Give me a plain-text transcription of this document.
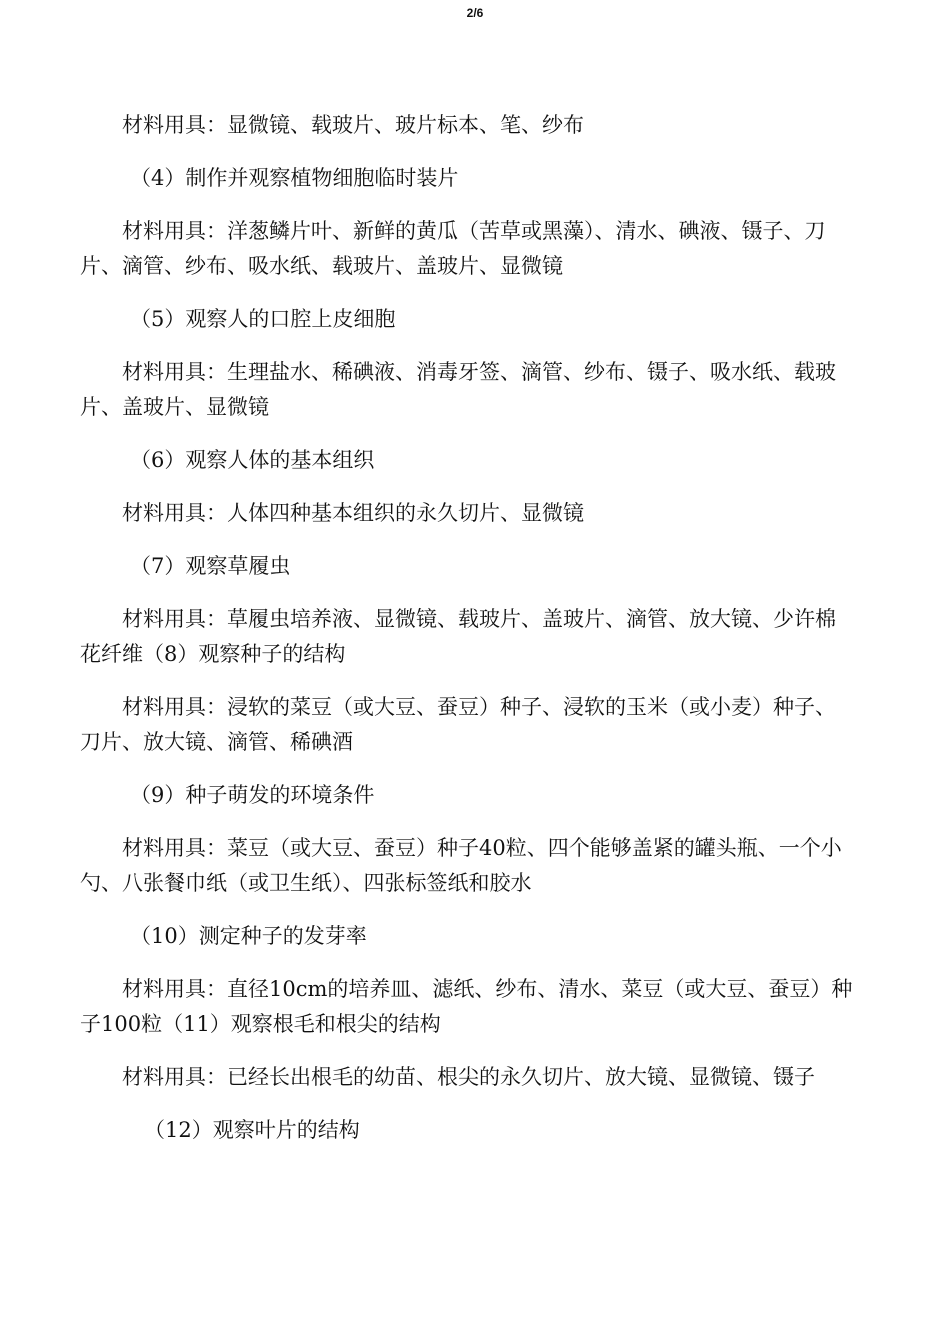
2/6

材料用具：显微镜、载玻片、玻片标本、笔、纱布

（4）制作并观察植物细胞临时装片

材料用具：洋葱鳞片叶、新鲜的黄瓜（苦草或黑藻）、清水、碘液、镊子、刀片、滴管、纱布、吸水纸、载玻片、盖玻片、显微镜

（5）观察人的口腔上皮细胞

材料用具：生理盐水、稀碘液、消毒牙签、滴管、纱布、镊子、吸水纸、载玻片、盖玻片、显微镜

（6）观察人体的基本组织

材料用具：人体四种基本组织的永久切片、显微镜

（7）观察草履虫

材料用具：草履虫培养液、显微镜、载玻片、盖玻片、滴管、放大镜、少许棉花纤维（8）观察种子的结构

材料用具：浸软的菜豆（或大豆、蚕豆）种子、浸软的玉米（或小麦）种子、刀片、放大镜、滴管、稀碘酒

（9）种子萌发的环境条件

材料用具：菜豆（或大豆、蚕豆）种子40粒、四个能够盖紧的罐头瓶、一个小勺、八张餐巾纸（或卫生纸）、四张标签纸和胶水

（10）测定种子的发芽率

材料用具：直径10cm的培养皿、滤纸、纱布、清水、菜豆（或大豆、蚕豆）种子100粒（11）观察根毛和根尖的结构

材料用具：已经长出根毛的幼苗、根尖的永久切片、放大镜、显微镜、镊子

（12）观察叶片的结构
